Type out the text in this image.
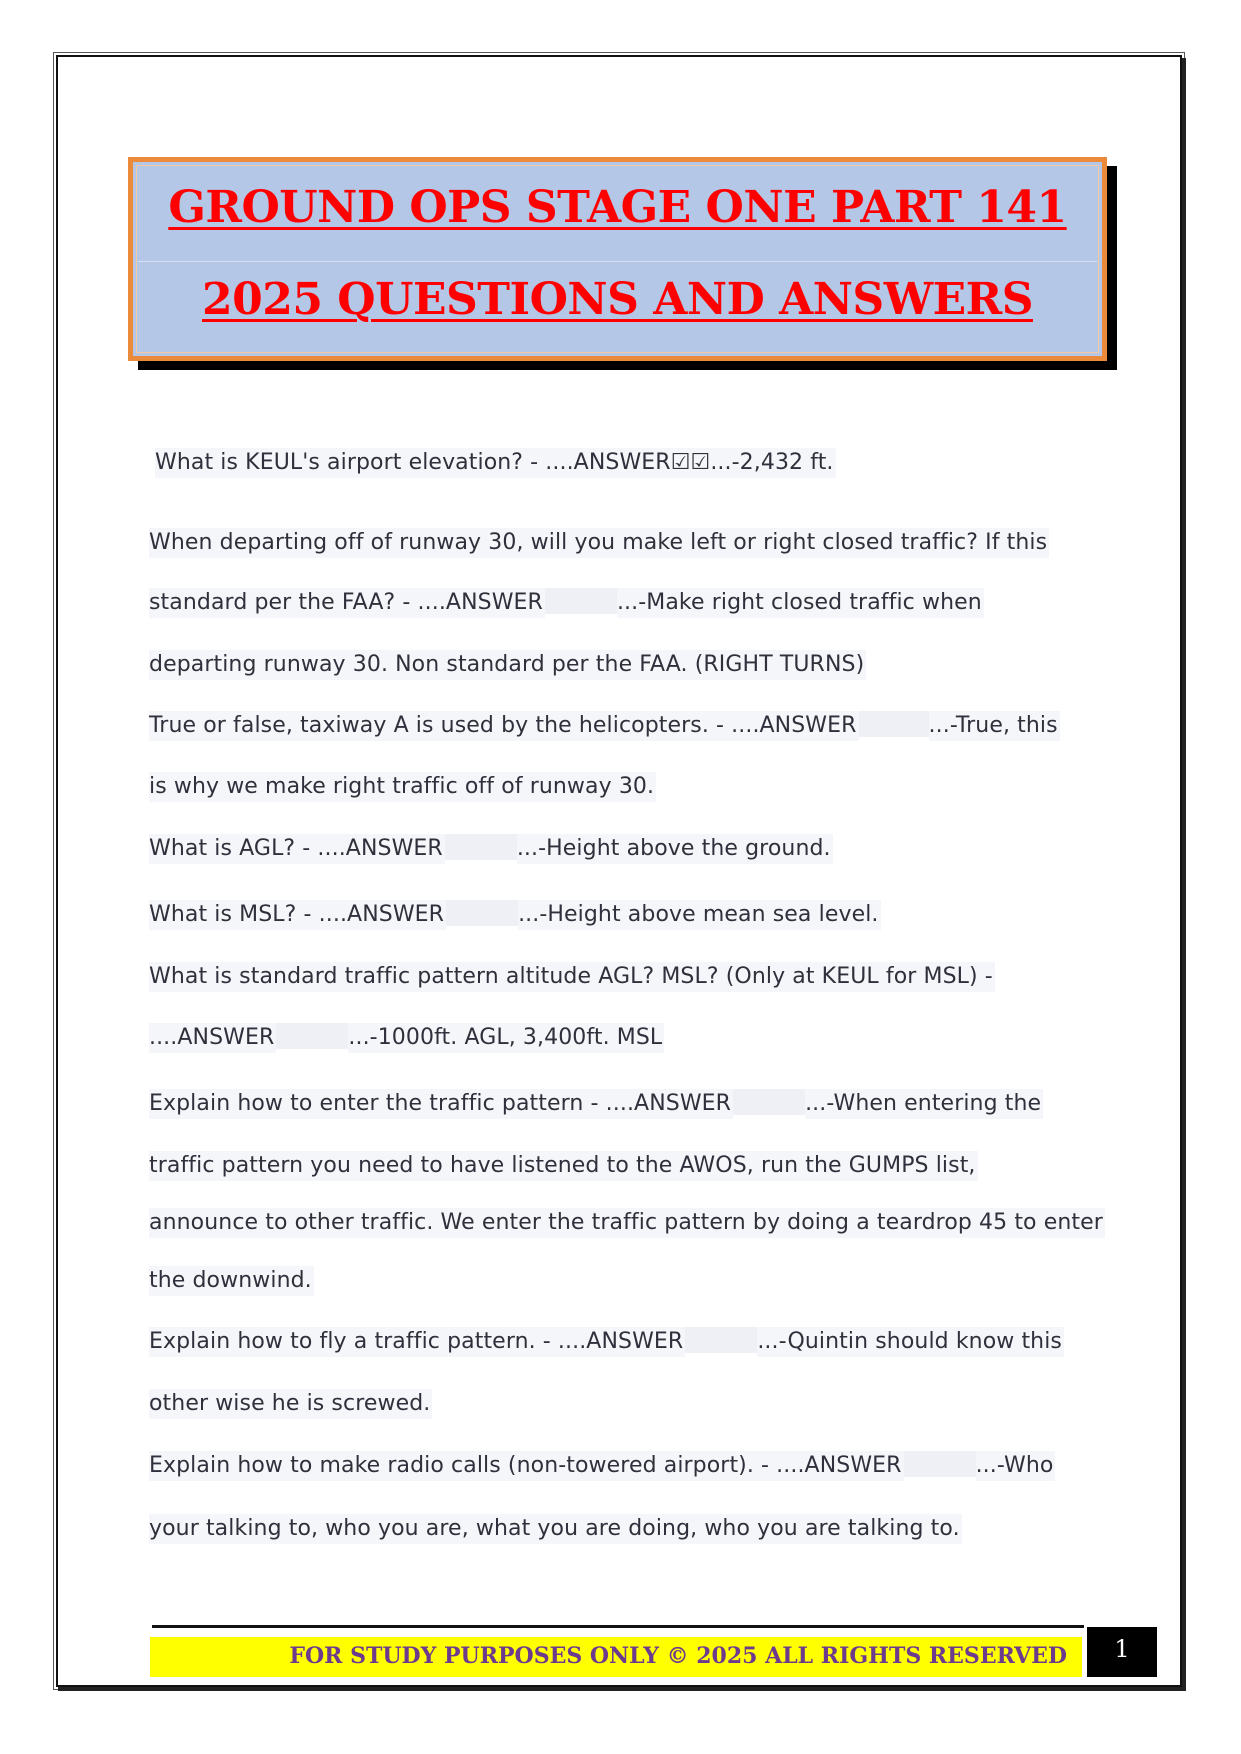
GROUND OPS STAGE ONE PART 141
2025 QUESTIONS AND ANSWERS
What is KEUL's airport elevation? - ....ANSWER☑☑...-2,432 ft.
When departing off of runway 30, will you make left or right closed traffic? If this
standard per the FAA? - ....ANSWER	...-Make right closed traffic when
departing runway 30. Non standard per the FAA. (RIGHT TURNS)
True or false, taxiway A is used by the helicopters. - ....ANSWER	...-True, this
is why we make right traffic off of runway 30.
What is AGL? - ....ANSWER	...-Height above the ground.
What is MSL? - ....ANSWER	...-Height above mean sea level.
What is standard traffic pattern altitude AGL? MSL? (Only at KEUL for MSL) -
....ANSWER	...-1000ft. AGL, 3,400ft. MSL
Explain how to enter the traffic pattern - ....ANSWER	...-When entering the
traffic pattern you need to have listened to the AWOS, run the GUMPS list,
announce to other traffic. We enter the traffic pattern by doing a teardrop 45 to enter
the downwind.
Explain how to fly a traffic pattern. - ....ANSWER	...-Quintin should know this
other wise he is screwed.
Explain how to make radio calls (non-towered airport). - ....ANSWER	...-Who
your talking to, who you are, what you are doing, who you are talking to.
FOR STUDY PURPOSES ONLY © 2025 ALL RIGHTS RESERVED	1
